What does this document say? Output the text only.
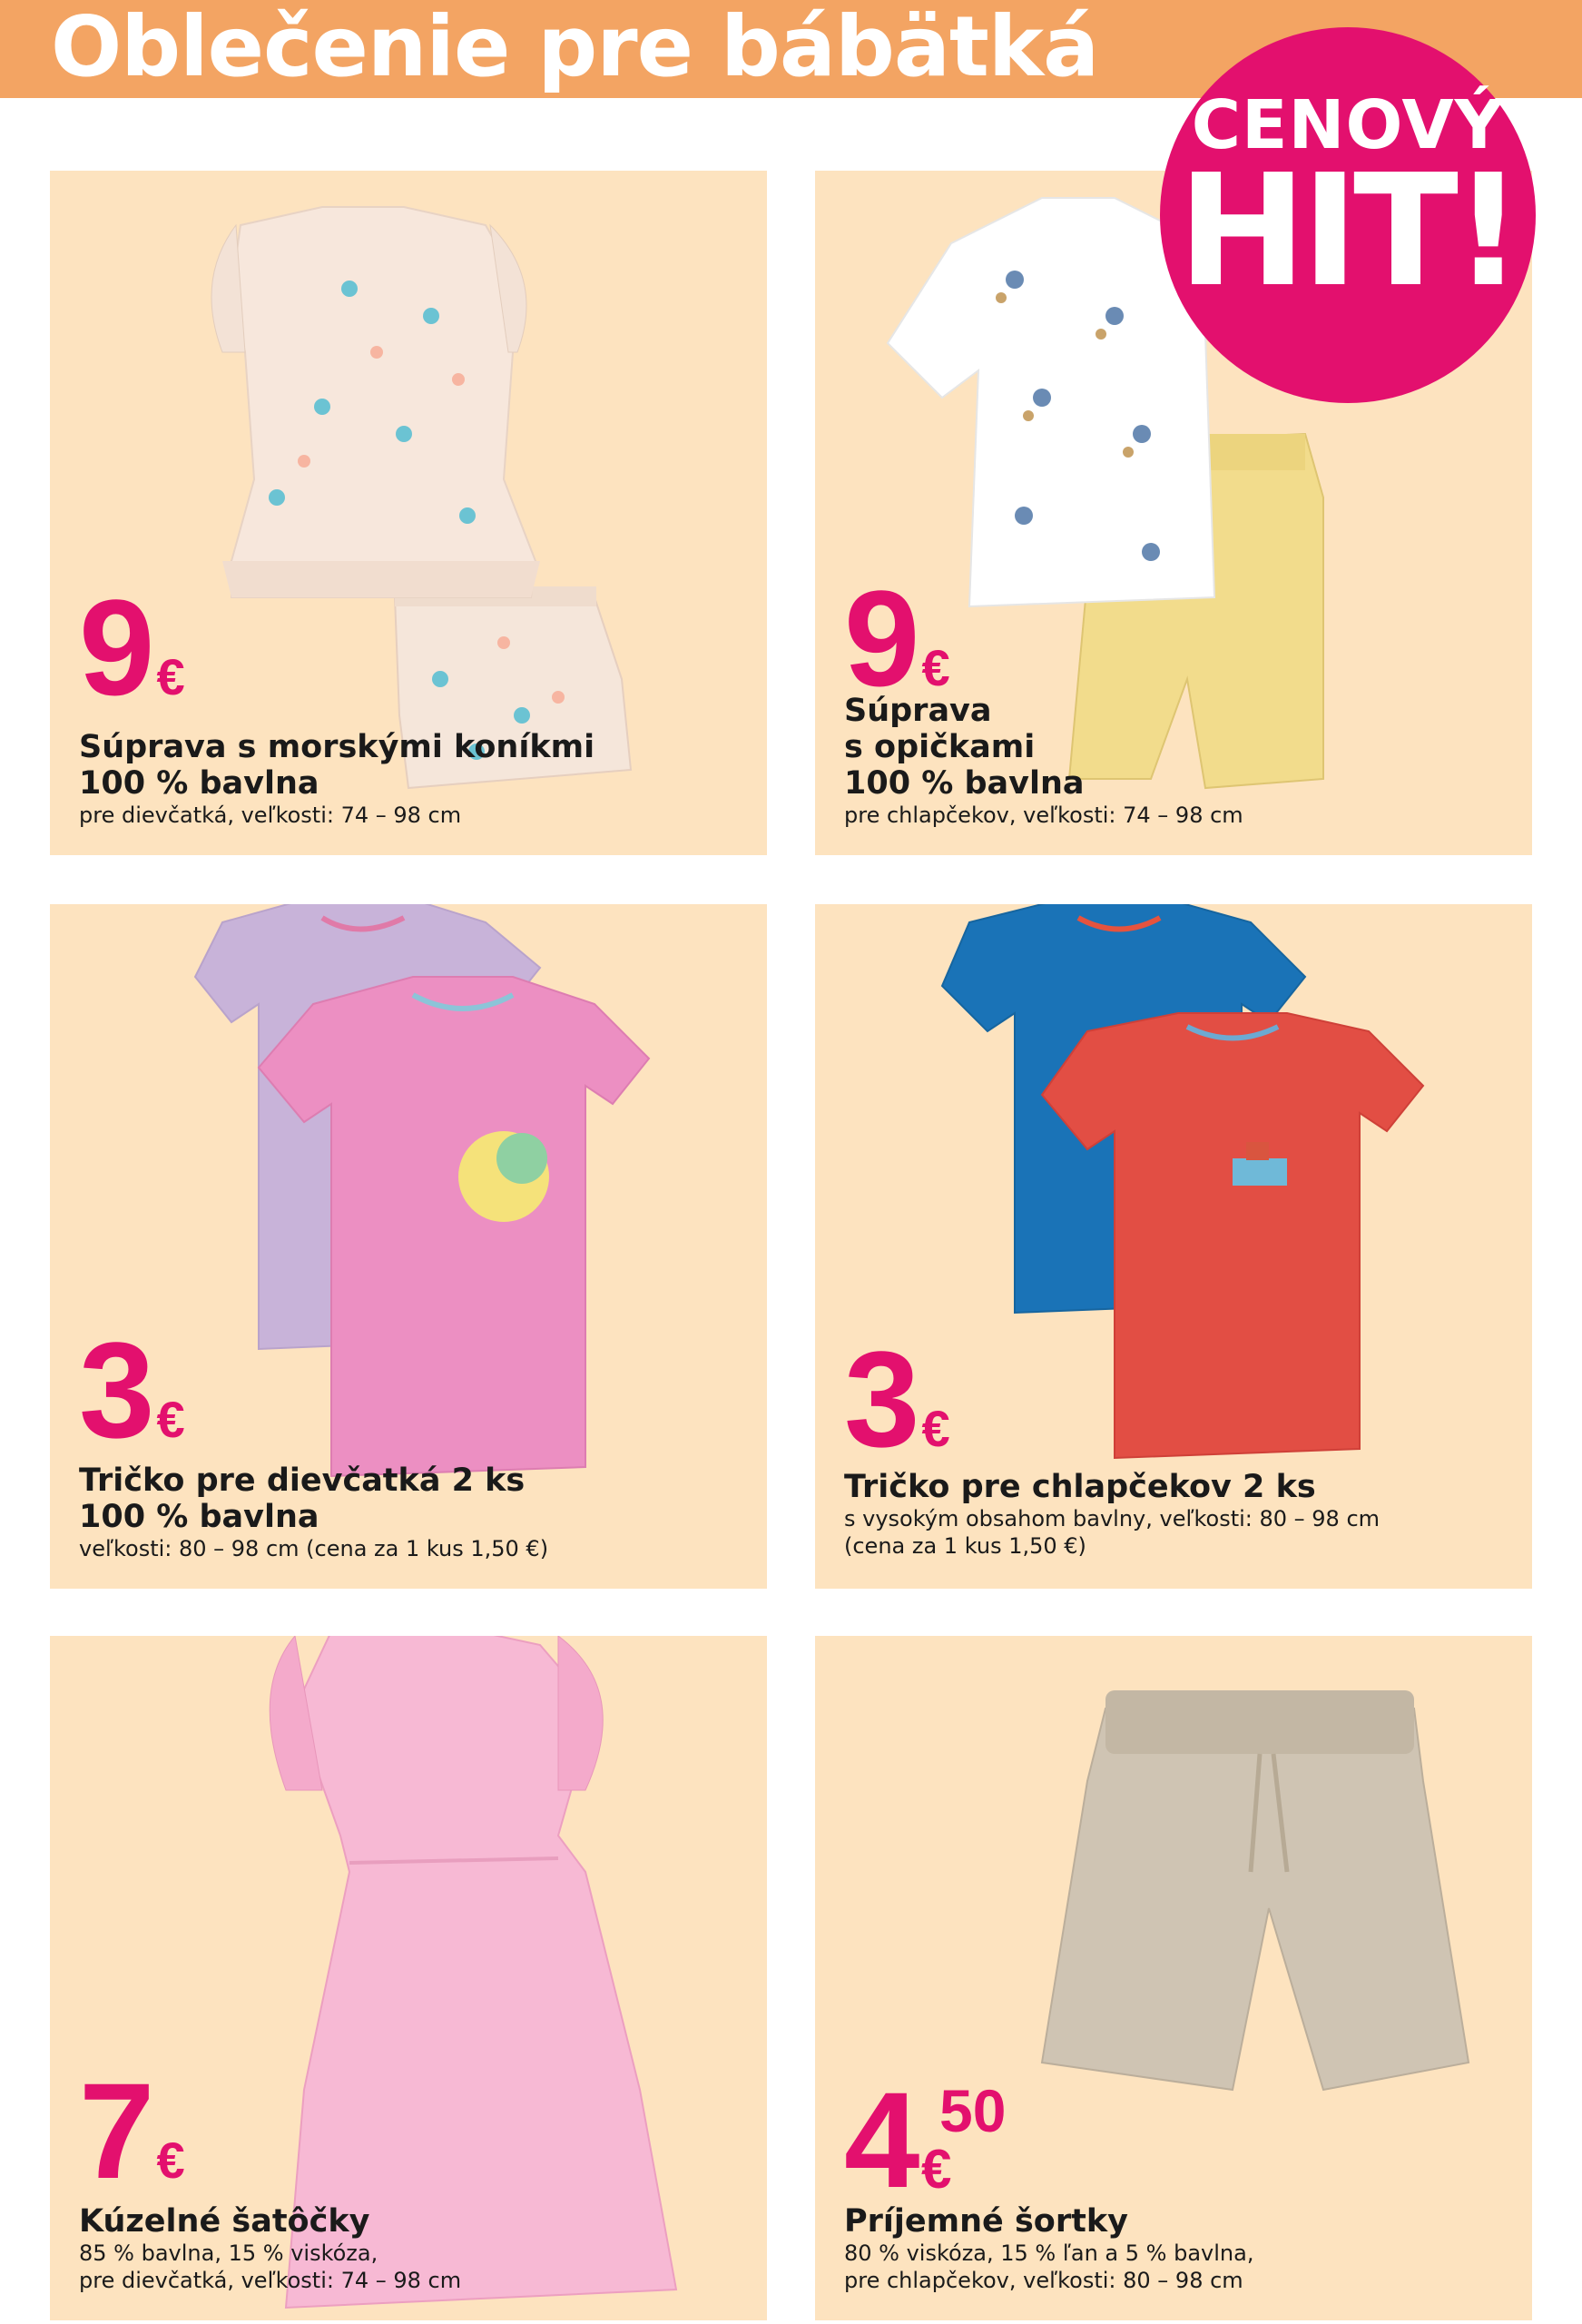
Oblečenie pre bábätká
CENOVÝ
HIT!
9 €
Súprava s morskými koníkmi
100 % bavlna
pre dievčatká, veľkosti: 74 – 98 cm
9 €
Súprava
s opičkami
100 % bavlna
pre chlapčekov, veľkosti: 74 – 98 cm
3 €
Tričko pre dievčatká 2 ks
100 % bavlna
veľkosti: 80 – 98 cm (cena za 1 kus 1,50 €)
3 €
Tričko pre chlapčekov 2 ks
s vysokým obsahom bavlny, veľkosti: 80 – 98 cm
(cena za 1 kus 1,50 €)
7 €
Kúzelné šatôčky
85 % bavlna, 15 % viskóza,
pre dievčatká, veľkosti: 74 – 98 cm
4 50
€
Príjemné šortky
80 % viskóza, 15 % ľan a 5 % bavlna,
pre chlapčekov, veľkosti: 80 – 98 cm
